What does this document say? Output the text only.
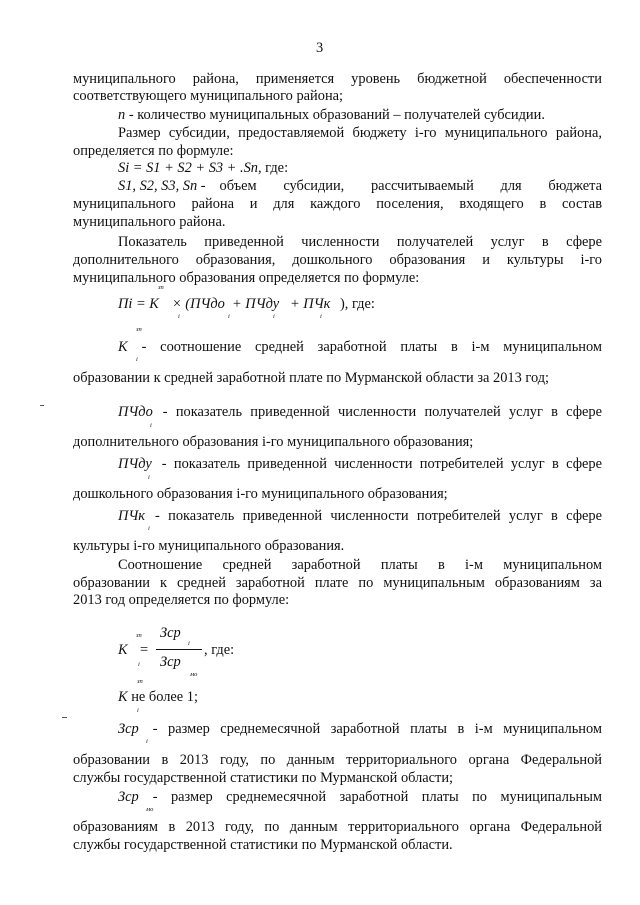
3
муниципального района, применяется уровень бюджетной обеспеченности
соответствующего муниципального района;
n - количество муниципальных образований – получателей субсидии.
Размер субсидии, предоставляемой бюджету i-го муниципального района,
определяется по формуле:
Si = S1 + S2 + S3 + .Sn, где:
S1, S2, S3, Sn - объем субсидии, рассчитываемый для бюджета
муниципального района и для каждого поселения, входящего в состав
муниципального района.
Показатель приведенной численности получателей услуг в сфере
дополнительного образования, дошкольного образования и культуры i-го
муниципального образования определяется по формуле:
зп
Пi = K × (ПЧдо + ПЧду + ПЧк ), где:
i	i	i	i
зп
K - соотношение средней заработной платы в i-м муниципальном
i
образовании к средней заработной плате по Мурманской области за 2013 год;
ПЧдо - показатель приведенной численности получателей услуг в сфере
i
дополнительного образования i-го муниципального образования;
ПЧду - показатель приведенной численности потребителей услуг в сфере
i
дошкольного образования i-го муниципального образования;
ПЧк - показатель приведенной численности потребителей услуг в сфере
i
культуры i-го муниципального образования.
Соотношение средней заработной платы в i-м муниципальном
образовании к средней заработной плате по муниципальным образованиям за
2013 год определяется по формуле:
зп Зср
i
K =	, где:
Зср
i
мо
зп
K не более 1;
i
Зср - размер среднемесячной заработной платы в i-м муниципальном
i
образовании в 2013 году, по данным территориального органа Федеральной
службы государственной статистики по Мурманской области;
Зср - размер среднемесячной заработной платы по муниципальным
мо
образованиям в 2013 году, по данным территориального органа Федеральной
службы государственной статистики по Мурманской области.
